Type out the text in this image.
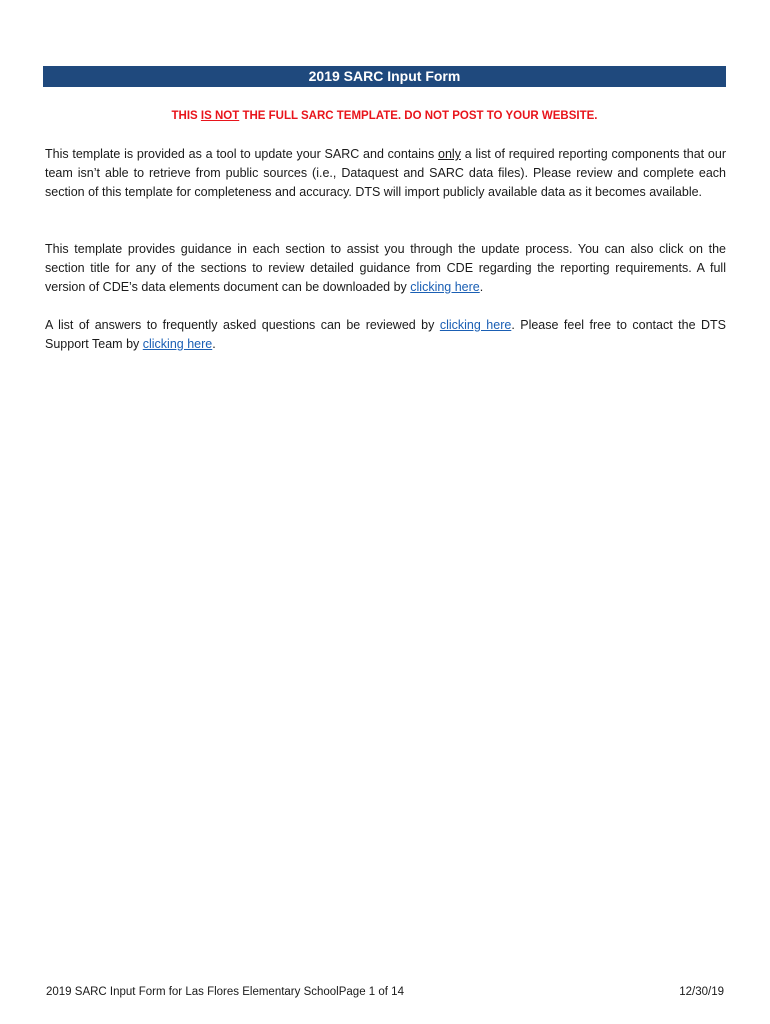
2019 SARC Input Form
THIS IS NOT THE FULL SARC TEMPLATE. DO NOT POST TO YOUR WEBSITE.
This template is provided as a tool to update your SARC and contains only a list of required reporting components that our team isn’t able to retrieve from public sources (i.e., Dataquest and SARC data files). Please review and complete each section of this template for completeness and accuracy. DTS will import publicly available data as it becomes available.
This template provides guidance in each section to assist you through the update process. You can also click on the section title for any of the sections to review detailed guidance from CDE regarding the reporting requirements. A full version of CDE’s data elements document can be downloaded by clicking here.
A list of answers to frequently asked questions can be reviewed by clicking here. Please feel free to contact the DTS Support Team by clicking here.
2019 SARC Input Form for Las Flores Elementary SchoolPage 1 of 14	12/30/19
